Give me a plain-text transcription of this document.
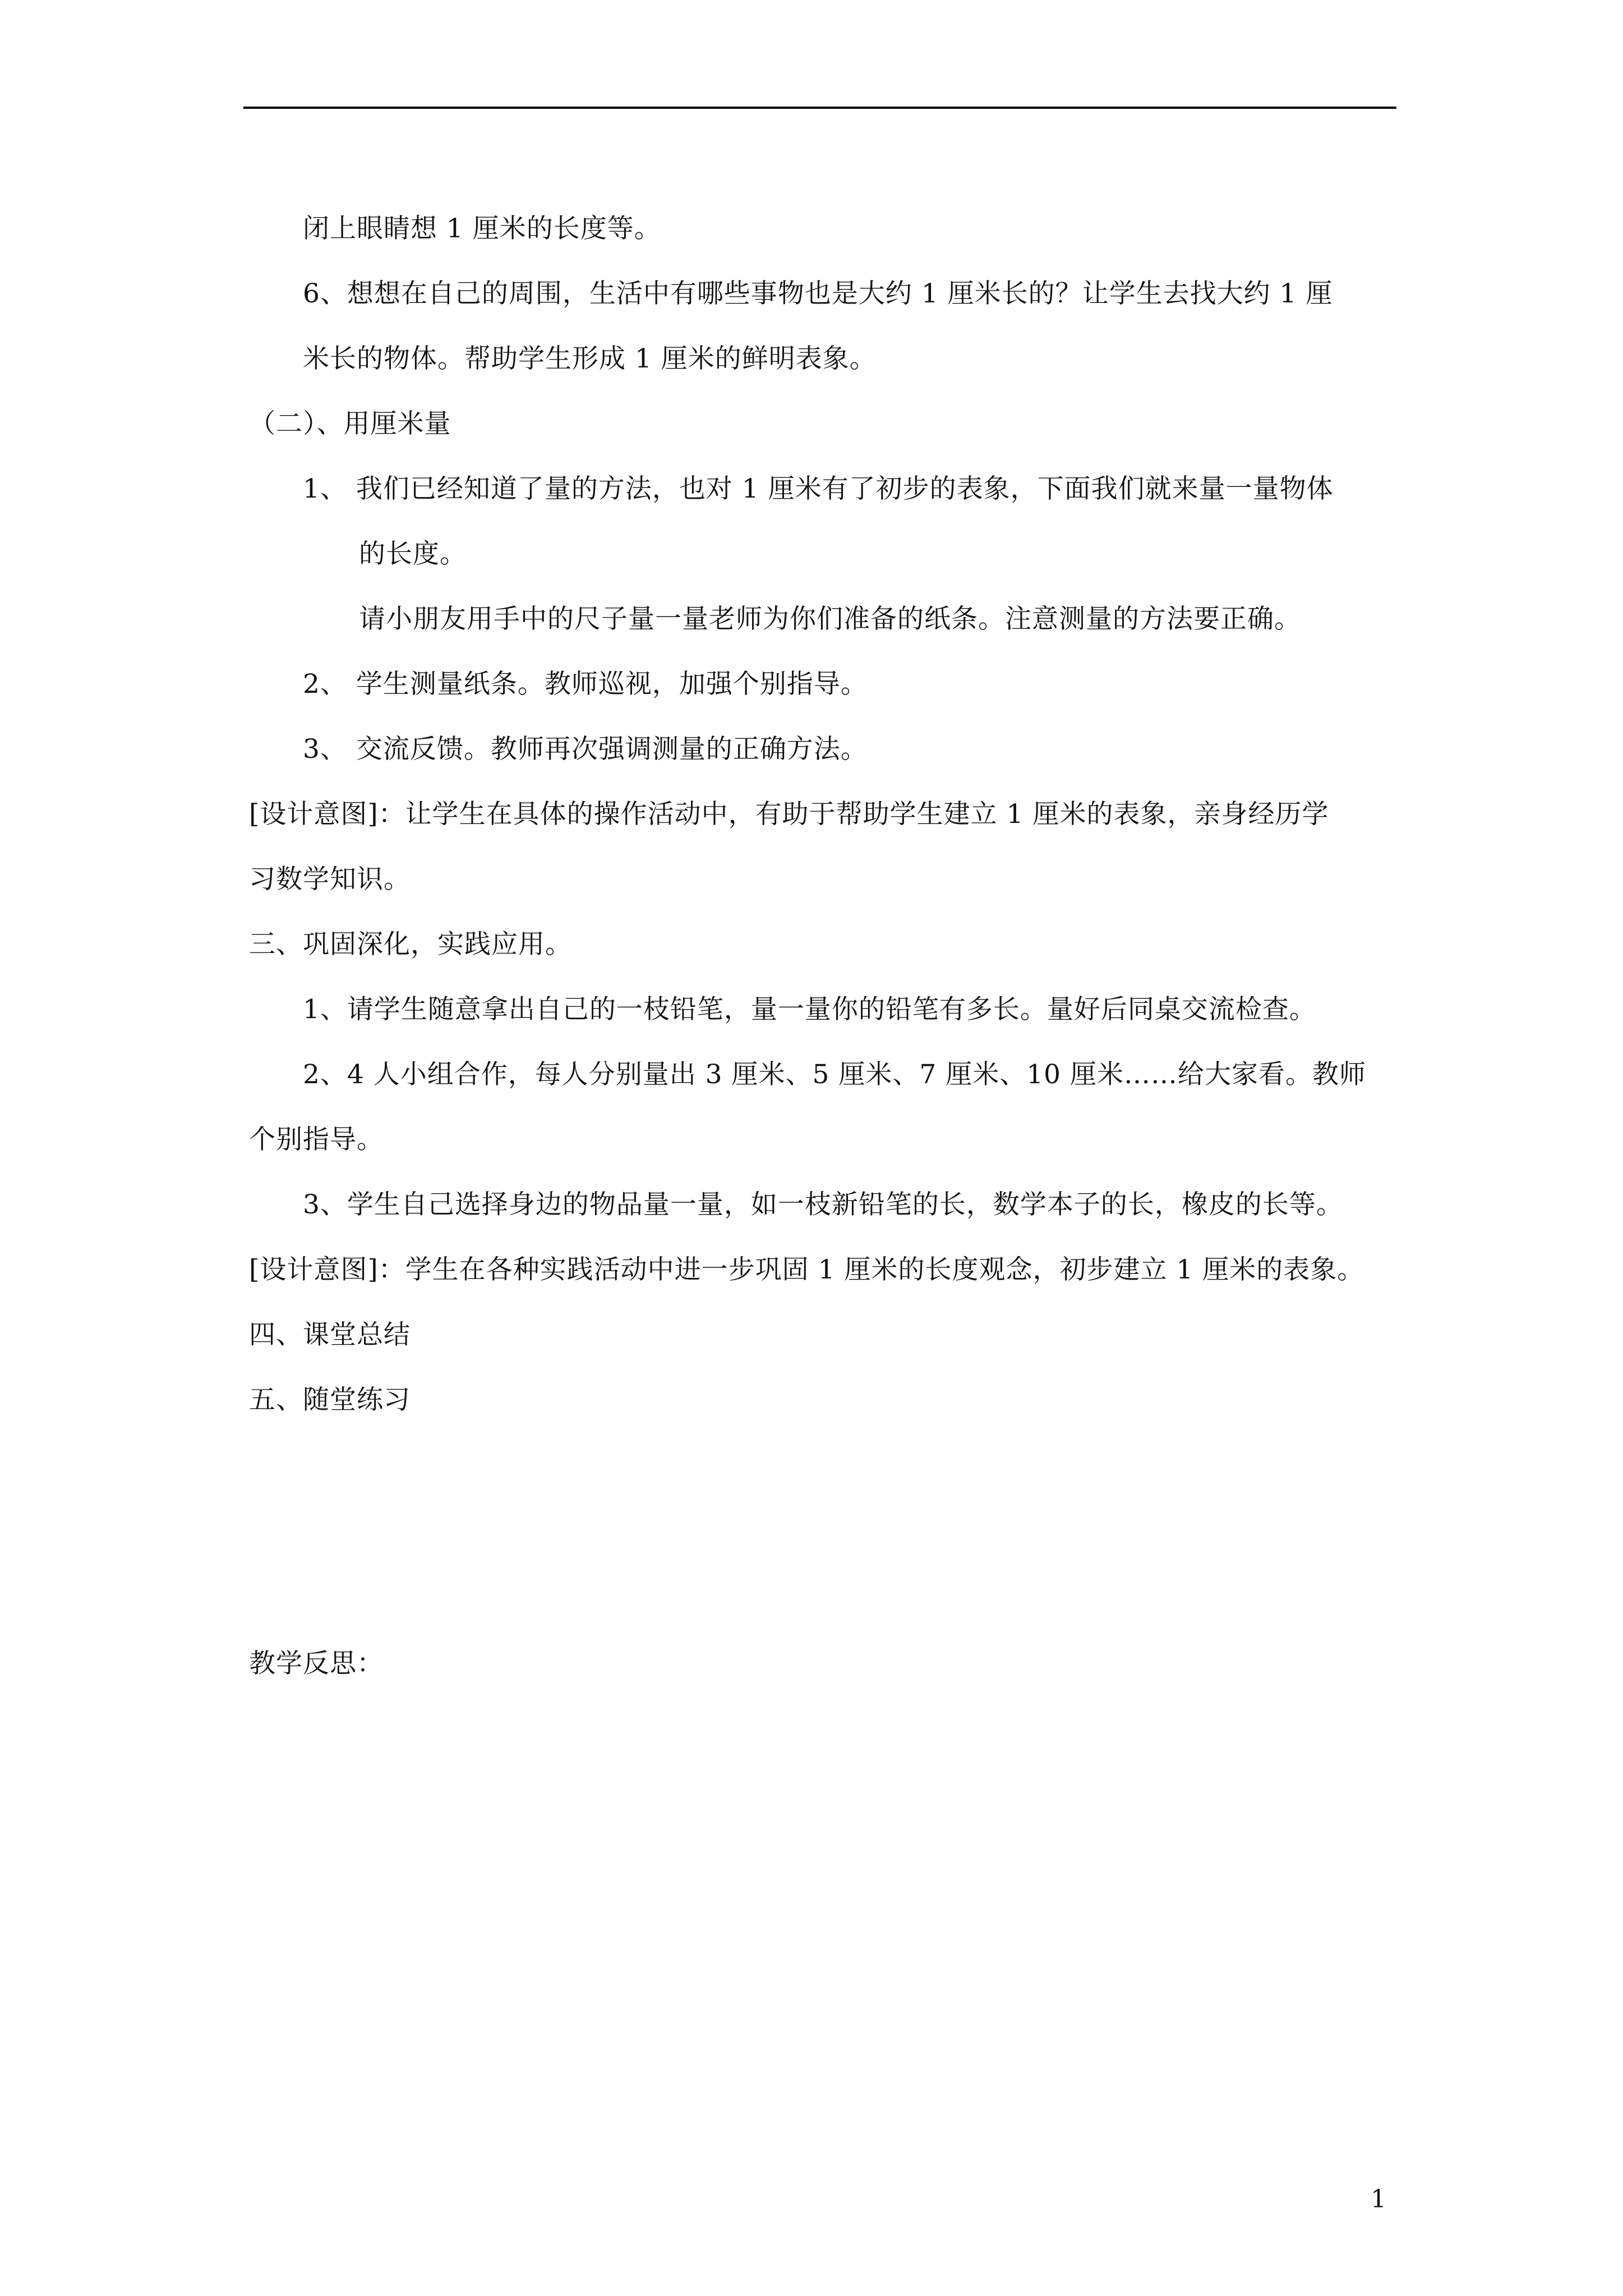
闭上眼睛想 1 厘米的长度等。
6、想想在自己的周围，生活中有哪些事物也是大约 1 厘米长的？让学生去找大约 1 厘
米长的物体。帮助学生形成 1 厘米的鲜明表象。
（二）、用厘米量
1、 我们已经知道了量的方法，也对 1 厘米有了初步的表象，下面我们就来量一量物体
的长度。
请小朋友用手中的尺子量一量老师为你们准备的纸条。注意测量的方法要正确。
2、 学生测量纸条。教师巡视，加强个别指导。
3、 交流反馈。教师再次强调测量的正确方法。
[设计意图]：让学生在具体的操作活动中，有助于帮助学生建立 1 厘米的表象，亲身经历学
习数学知识。
三、巩固深化，实践应用。
1、请学生随意拿出自己的一枝铅笔，量一量你的铅笔有多长。量好后同桌交流检查。
2、4 人小组合作，每人分别量出 3 厘米、5 厘米、7 厘米、10 厘米……给大家看。教师
个别指导。
3、学生自己选择身边的物品量一量，如一枝新铅笔的长，数学本子的长，橡皮的长等。
[设计意图]：学生在各种实践活动中进一步巩固 1 厘米的长度观念，初步建立 1 厘米的表象。
四、课堂总结
五、随堂练习
教学反思：
1
